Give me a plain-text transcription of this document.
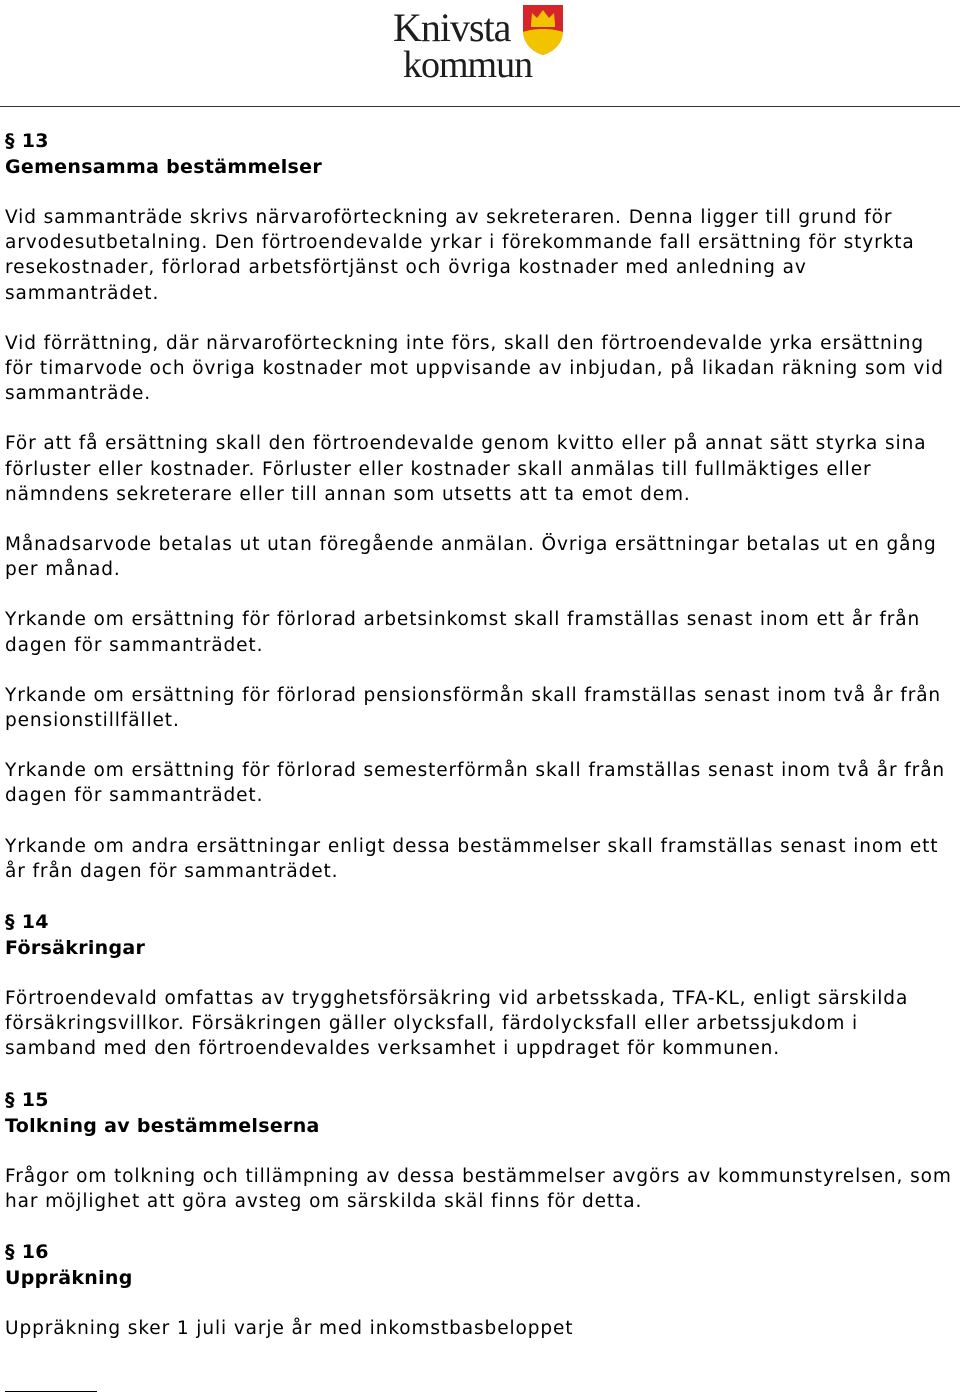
Knivsta
kommun
§ 13
Gemensamma bestämmelser

Vid sammanträde skrivs närvaroförteckning av sekreteraren. Denna ligger till grund för arvodesutbetalning. Den förtroendevalde yrkar i förekommande fall ersättning för styrkta resekostnader, förlorad arbetsförtjänst och övriga kostnader med anledning av sammanträdet.

Vid förrättning, där närvaroförteckning inte förs, skall den förtroendevalde yrka ersättning för timarvode och övriga kostnader mot uppvisande av inbjudan, på likadan räkning som vid sammanträde.

För att få ersättning skall den förtroendevalde genom kvitto eller på annat sätt styrka sina förluster eller kostnader. Förluster eller kostnader skall anmälas till fullmäktiges eller nämndens sekreterare eller till annan som utsetts att ta emot dem.

Månadsarvode betalas ut utan föregående anmälan. Övriga ersättningar betalas ut en gång per månad.

Yrkande om ersättning för förlorad arbetsinkomst skall framställas senast inom ett år från dagen för sammanträdet.

Yrkande om ersättning för förlorad pensionsförmån skall framställas senast inom två år från pensionstillfället.

Yrkande om ersättning för förlorad semesterförmån skall framställas senast inom två år från dagen för sammanträdet.

Yrkande om andra ersättningar enligt dessa bestämmelser skall framställas senast inom ett år från dagen för sammanträdet.

§ 14
Försäkringar

Förtroendevald omfattas av trygghetsförsäkring vid arbetsskada, TFA-KL, enligt särskilda försäkringsvillkor. Försäkringen gäller olycksfall, färdolycksfall eller arbetssjukdom i samband med den förtroendevaldes verksamhet i uppdraget för kommunen.

§ 15
Tolkning av bestämmelserna

Frågor om tolkning och tillämpning av dessa bestämmelser avgörs av kommunstyrelsen, som har möjlighet att göra avsteg om särskilda skäl finns för detta.

§ 16
Uppräkning

Uppräkning sker 1 juli varje år med inkomstbasbeloppet
